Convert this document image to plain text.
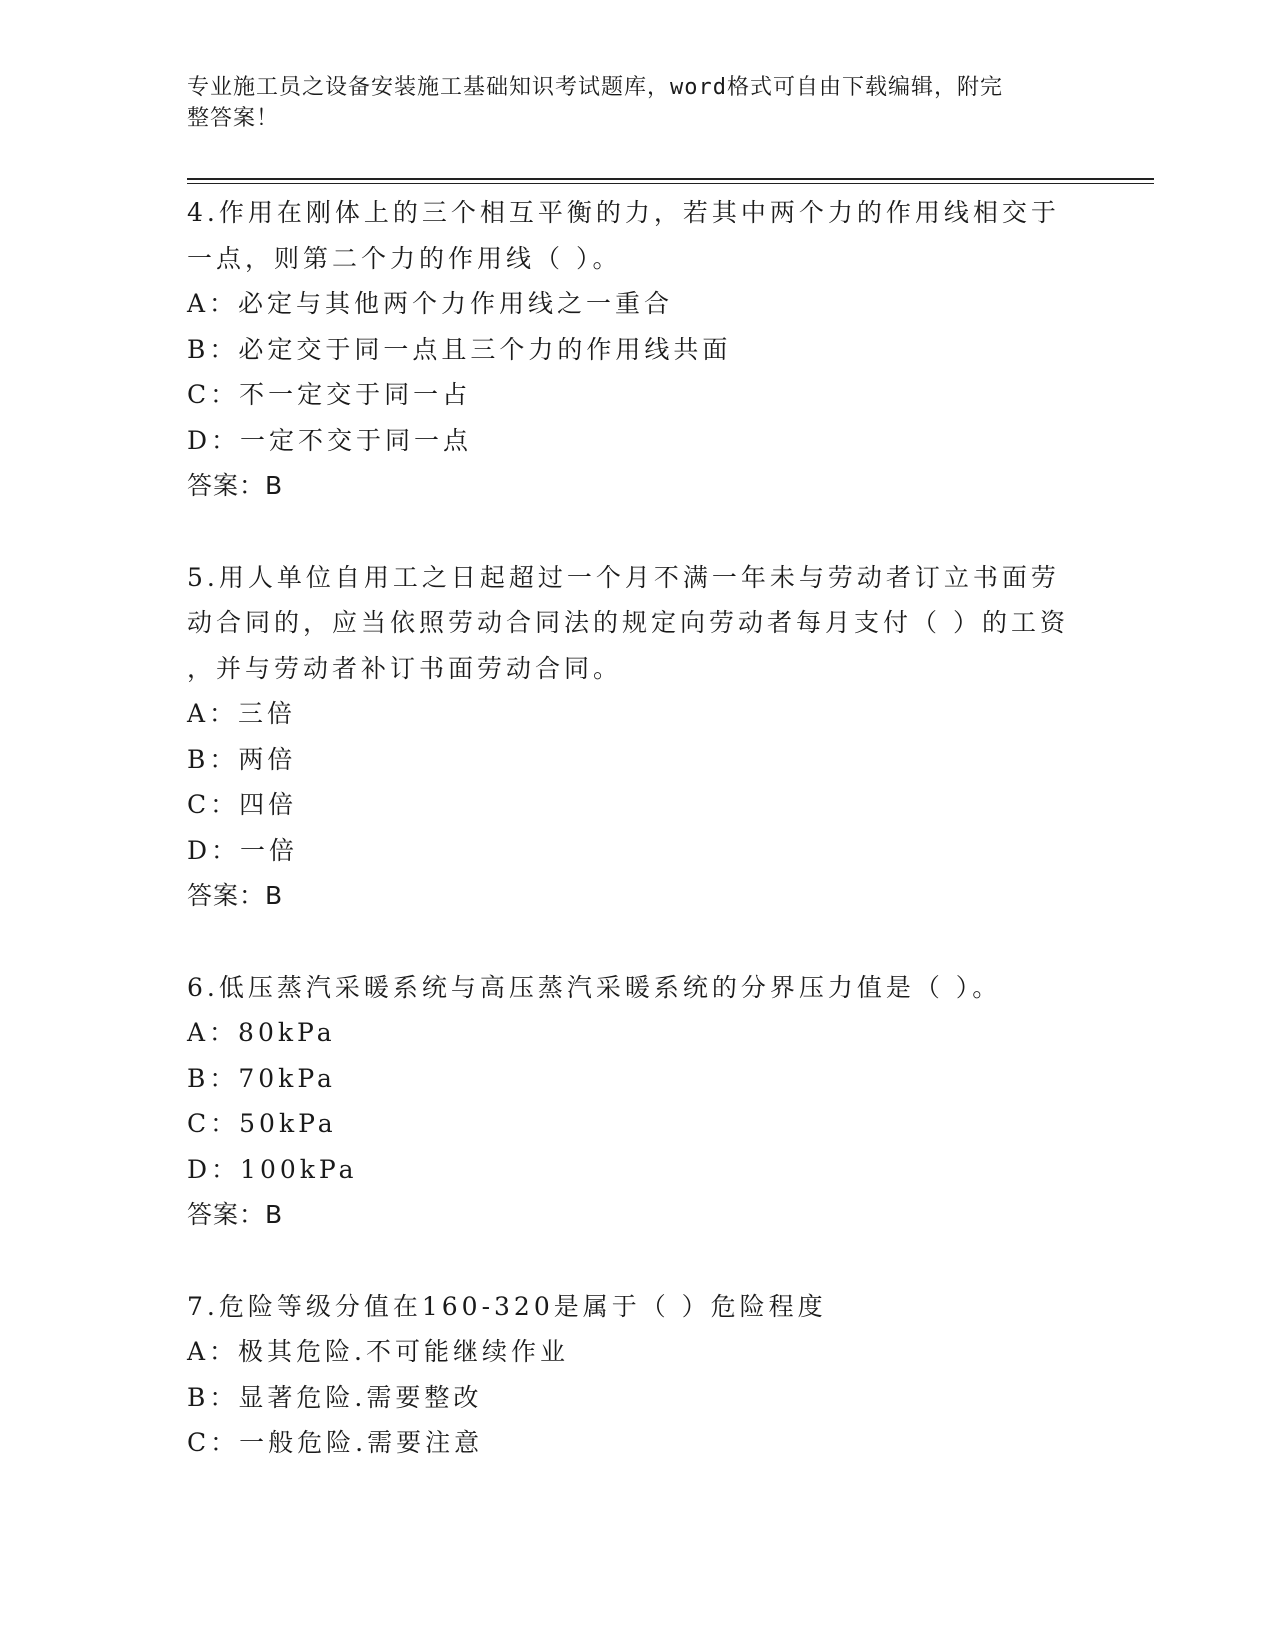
专业施工员之设备安装施工基础知识考试题库，word格式可自由下载编辑，附完
整答案！
4.作用在刚体上的三个相互平衡的力，若其中两个力的作用线相交于
一点，则第二个力的作用线（ ）。
A：必定与其他两个力作用线之一重合
B：必定交于同一点且三个力的作用线共面
C：不一定交于同一占
D：一定不交于同一点
答案：B
5.用人单位自用工之日起超过一个月不满一年未与劳动者订立书面劳
动合同的，应当依照劳动合同法的规定向劳动者每月支付（ ）的工资
，并与劳动者补订书面劳动合同。
A：三倍
B：两倍
C：四倍
D：一倍
答案：B
6.低压蒸汽采暖系统与高压蒸汽采暖系统的分界压力值是（ ）。
A：80kPa
B：70kPa
C：50kPa
D：100kPa
答案：B
7.危险等级分值在160-320是属于（ ）危险程度
A：极其危险.不可能继续作业
B：显著危险.需要整改
C：一般危险.需要注意
